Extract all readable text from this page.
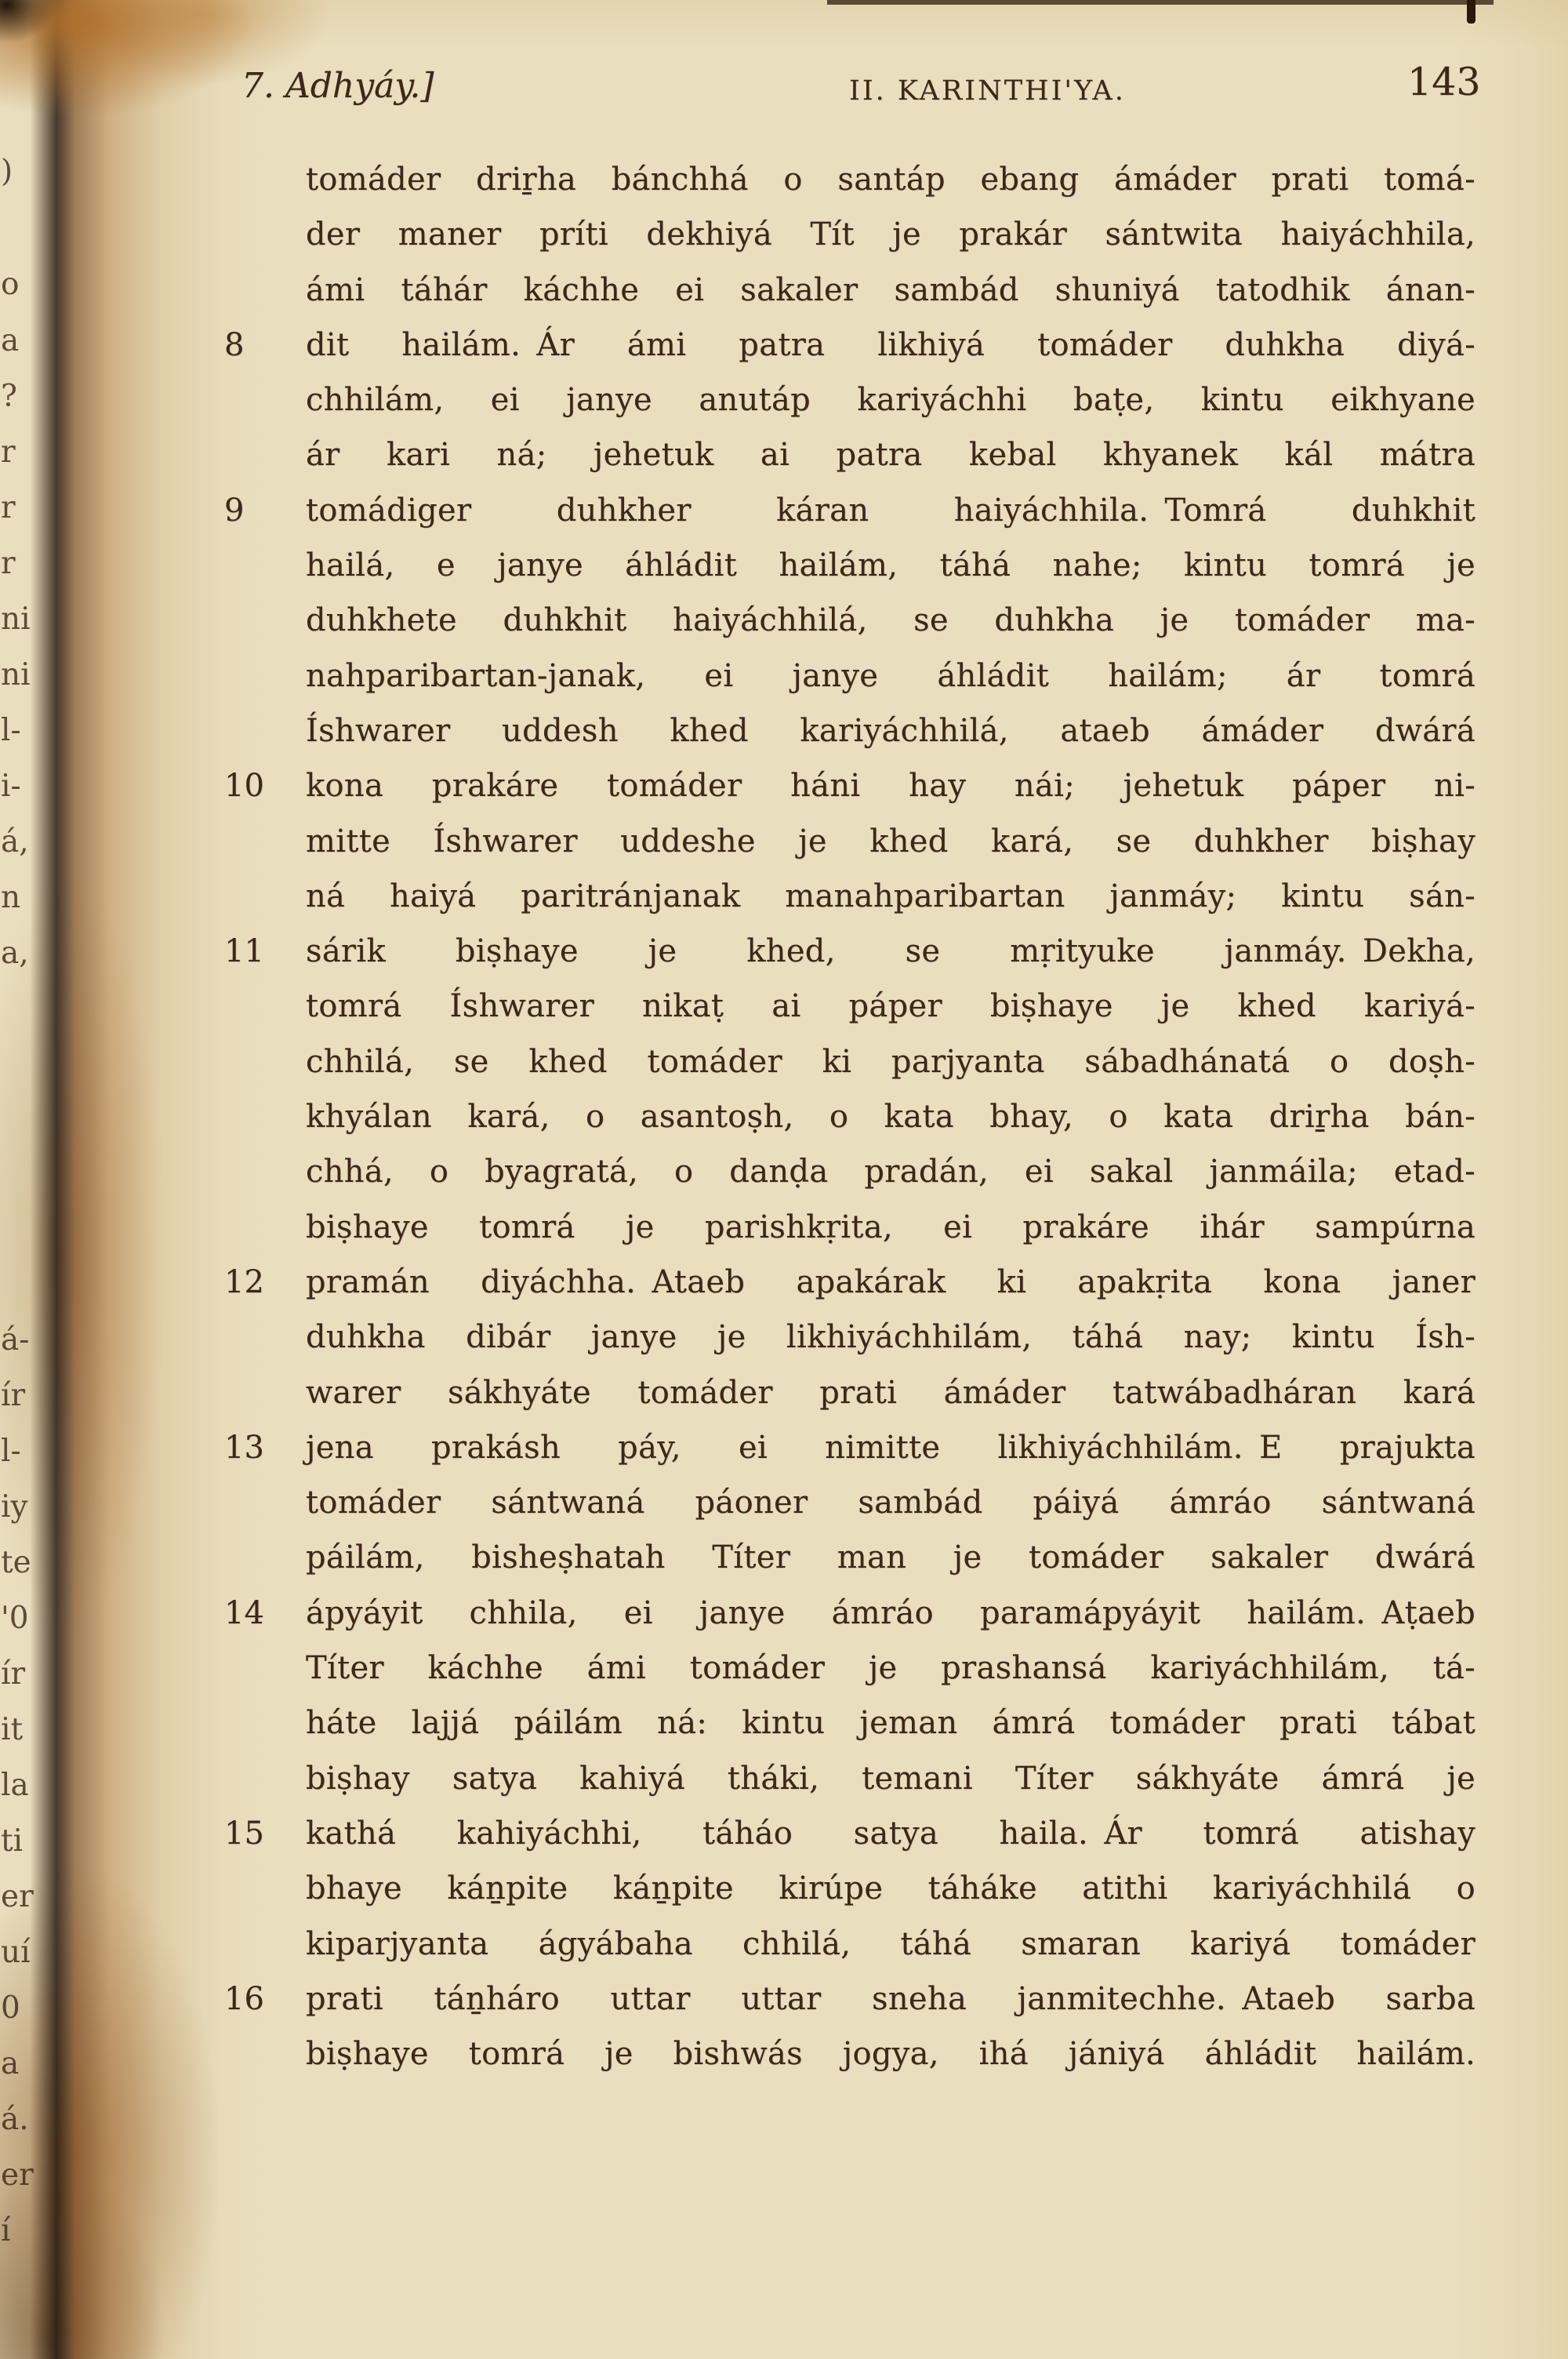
)
o
a
?
r
r
r
ni
ni
l-
i-
á,
n
a,
á-
ír
l-
iy
te
'0
ír
it
la
ti
er
uí
0
a
á.
er
í
7. Adhyáy.]	II. KARINTHI'YA.	143
tomáder driṟha bánchhá o santáp ebang ámáder prati tomá-
der maner príti dekhiyá Tít je prakár sántwita haiyáchhila,
ámi táhár káchhe ei sakaler sambád shuniyá tatodhik ánan-
8	dit hailám. Ár ámi patra likhiyá tomáder duhkha diyá-
chhilám, ei janye anutáp kariyáchhi baṭe, kintu eikhyane
ár kari ná; jehetuk ai patra kebal khyanek kál mátra
9	tomádiger duhkher káran haiyáchhila. Tomrá duhkhit
hailá, e janye áhládit hailám, táhá nahe; kintu tomrá je
duhkhete duhkhit haiyáchhilá, se duhkha je tomáder ma-
nahparibartan-janak, ei janye áhládit hailám; ár tomrá
Íshwarer uddesh khed kariyáchhilá, ataeb ámáder dwárá
10	kona prakáre tomáder háni hay nái; jehetuk páper ni-
mitte Íshwarer uddeshe je khed kará, se duhkher biṣhay
ná haiyá paritránjanak manahparibartan janmáy; kintu sán-
11	sárik biṣhaye je khed, se mṛityuke janmáy. Dekha,
tomrá Íshwarer nikaṭ ai páper biṣhaye je khed kariyá-
chhilá, se khed tomáder ki parjyanta sábadhánatá o doṣh-
khyálan kará, o asantoṣh, o kata bhay, o kata driṟha bán-
chhá, o byagratá, o danḍa pradán, ei sakal janmáila; etad-
biṣhaye tomrá je parishkṛita, ei prakáre ihár sampúrna
12	pramán diyáchha. Ataeb apakárak ki apakṛita kona janer
duhkha dibár janye je likhiyáchhilám, táhá nay; kintu Ísh-
warer sákhyáte tomáder prati ámáder tatwábadháran kará
13	jena prakásh páy, ei nimitte likhiyáchhilám. E prajukta
tomáder sántwaná páoner sambád páiyá ámráo sántwaná
páilám, bisheṣhatah Títer man je tomáder sakaler dwárá
14	ápyáyit chhila, ei janye ámráo paramápyáyit hailám. Aṭaeb
Títer káchhe ámi tomáder je prashansá kariyáchhilám, tá-
háte lajjá páilám ná: kintu jeman ámrá tomáder prati tábat
biṣhay satya kahiyá tháki, temani Títer sákhyáte ámrá je
15	kathá kahiyáchhi, táháo satya haila. Ár tomrá atishay
bhaye káṉpite káṉpite kirúpe táháke atithi kariyáchhilá o
kiparjyanta ágyábaha chhilá, táhá smaran kariyá tomáder
16	prati táṉháro uttar uttar sneha janmitechhe. Ataeb sarba
biṣhaye tomrá je bishwás jogya, ihá jániyá áhládit hailám.
